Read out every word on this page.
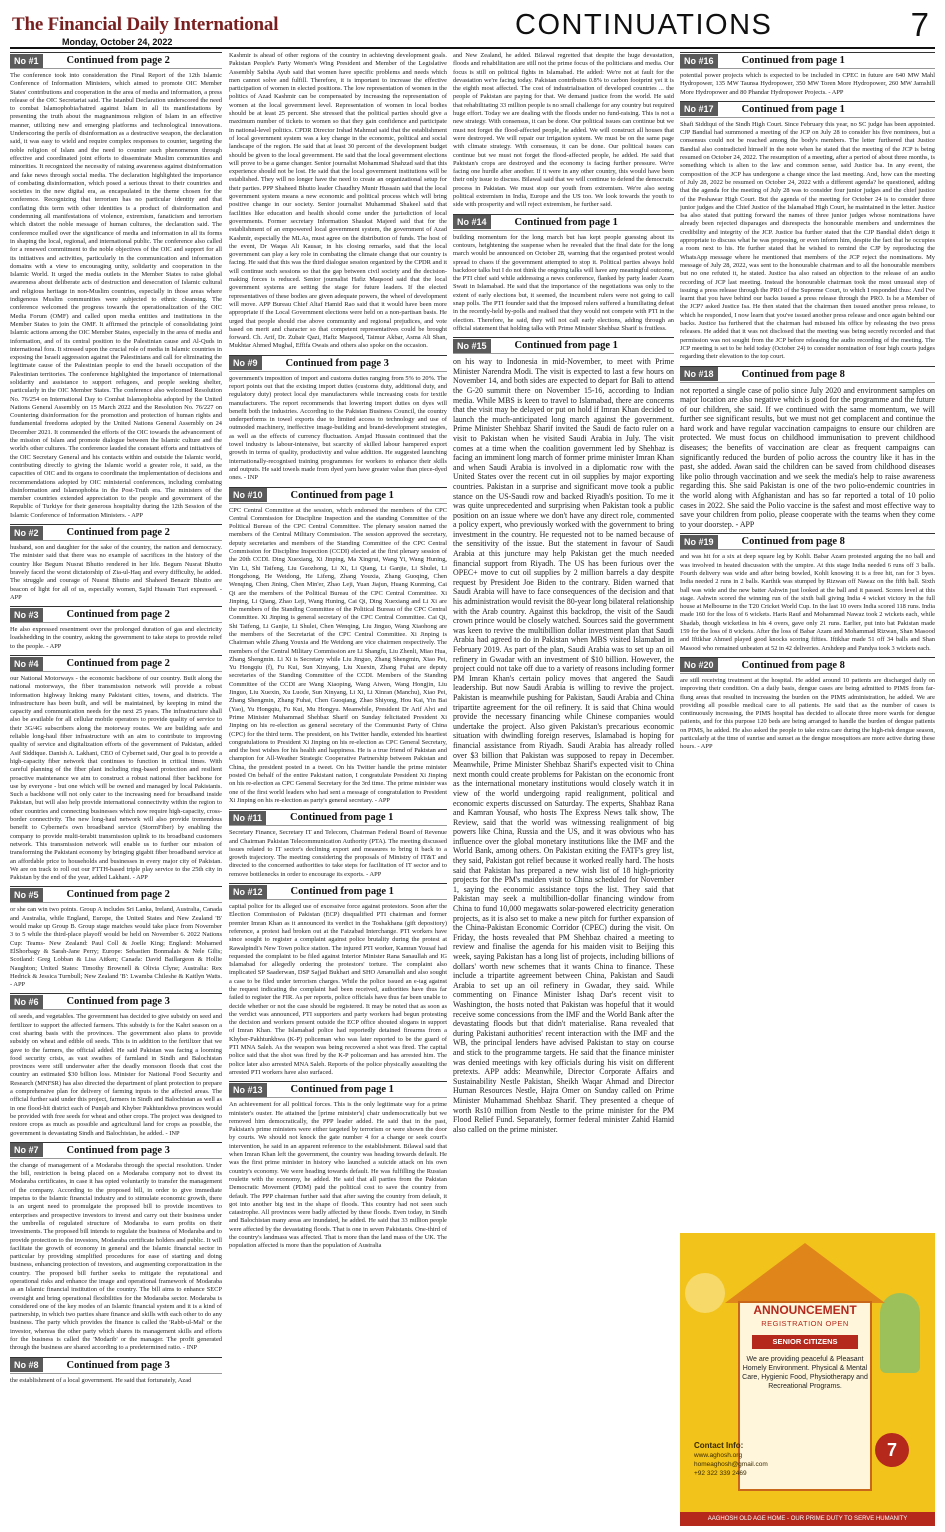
The Financial Daily International
Monday, October 24, 2022
CONTINUATIONS	7
No #1	Continued from page 2
The conference took into consideration the Final Report of the 12th Islamic Conference of Information Ministers, which aimed to promote OIC Member States' contributions and cooperation in the area of media and information, a press release of the OIC Secretariat said. The Istanbul Declaration underscored the need to combat Islamophobia/hatred against Islam in all its manifestations by presenting the truth about the magnanimous religion of Islam in an effective manner, utilizing new and emerging platforms and technological innovations. Underscoring the perils of disinformation as a destructive weapon, the declaration said, it was easy to wield and require complex responses to counter, targeting the noble religion of Islam and the need to counter such phenomenon through effective and coordinated joint efforts to disseminate Muslim communities and minorities. It recognized the necessity of raising awareness against disinformation and fake news through social media. The declaration highlighted the importance of combating disinformation, which posed a serious threat to their countries and societies in the new digital era, as encapsulated in the theme chosen for the conference. Recognizing that terrorism has no particular identity and that conflating this term with other identities is a product of disinformation and condemning all manifestations of violence, extremism, fanaticism and terrorism which distort the noble message of human cultures, the declaration said. The conference mulled over the significance of media and information in all its forms in shaping the local, regional, and international public. The conference also called for a renewed commitment to the noble objectives of the OIC and support for all its initiatives and activities, particularly in the communication and information domains with a view to encouraging unity, solidarity and cooperation in the Islamic World. It urged the media outlets in the Member States to raise global awareness about deliberate acts of destruction and desecration of Islamic cultural and religious heritage in non-Muslim countries, especially in those areas where indigenous Muslim communities were subjected to ethnic cleansing. The conference welcomed the progress towards the operationalization of the OIC Media Forum (OMF) and called upon media entities and institutions in the Member States to join the OMF. It affirmed the principle of consolidating joint Islamic actions among the OIC Member States, especially in the area of media and information, and of its central position to the Palestinian cause and Al-Quds in international fora. It stressed upon the crucial role of media in Islamic countries in exposing the Israeli aggression against the Palestinians and call for eliminating the legitimate cause of the Palestinian people to end the Israeli occupation of the Palestinian territories. The conference highlighted the importance of international solidarity and assistance to support refugees, and people seeking shelter, particularly in the OIC Member States. The conference also welcomed Resolution No. 76/254 on International Day to Combat Islamophobia adopted by the United Nations General Assembly on 15 March 2022 and the Resolution No. 76/227 on Countering disinformation for the promotion and protection of human rights and fundamental freedoms adopted by the United Nations General Assembly on 24 December 2021. It commended the efforts of the OIC towards the advancement of the mission of Islam and promote dialogue between the Islamic culture and the world's other cultures. The conference lauded the constant efforts and initiatives of the OIC Secretary General and his contacts within and outside the Islamic world, contributing directly to giving the Islamic world a greater role, it said, as the capacities of OIC and its organs to coordinate the implementation of decisions and recommendations adopted by OIC ministerial conferences, including combating disinformation and Islamophobia in the Post-Truth era. The ministers of the member countries extended appreciation to the people and government of the Republic of Turkiye for their generous hospitality during the 12th Session of the Islamic Conference of Information Ministers. - APP
No #2	Continued from page 2
husband, son and daughter for the sake of the country, the nation and democracy. The minister said that there was no example of sacrifices in the history of the country like Begum Nusrat Bhutto rendered in her life. Begum Nusrat Bhutto bravely faced the worst dictatorship of Zia-ul-Haq and every difficulty, he added. The struggle and courage of Nusrat Bhutto and Shaheed Benazir Bhutto are beacon of light for all of us, especially women, Sajid Hussain Turi expressed. - APP
No #3	Continued from page 2
He also expressed resentment over the prolonged duration of gas and electricity loadshedding in the country, asking the government to take steps to provide relief to the people. - APP
No #4	Continued from page 2
our National Motorways - the economic backbone of our country. Built along the national motorways, the fiber transmission network will provide a robust information highway linking many Pakistani cities, towns, and districts. The infrastructure has been built, and will be maintained, by keeping in mind the capacity and communication needs for the next 25 years. The infrastructure shall also be available for all cellular mobile operators to provide quality of service to their 3G/4G subscribers along the motorway routes. We are building safe and reliable long-haul fiber infrastructure with an aim to contribute to improving quality of service and digitalization efforts of the government of Pakistan, added Asif Siddique. Danish A. Lakhani, CEO of Cybernet said, Our goal is to provide a high-capacity fiber network that continues to function in critical times. With careful planning of the fiber plant including ring-based protection and resilient proactive maintenance we aim to construct a robust national fiber backbone for use by everyone - but one which will be owned and managed by local Pakistanis. Such a backbone will not only cater to the increasing need for broadband inside Pakistan, but will also help provide international connectivity within the region to other countries and connecting businesses which now require high-capacity, cross-border connectivity. The new long-haul network will also provide tremendous benefit to Cybernet's own broadband service (StormFiber) by enabling the company to provide multi-terabit transmission uplink to its broadband customers network. This transmission network will enable us to further our mission of transforming the Pakistani economy by bringing gigabit fiber broadband service at an affordable price to households and businesses in every major city of Pakistan. We are on track to roll out our FTTH-based triple play service to the 25th city in Pakistan by the end of the year, added Lakhani. - APP
No #5	Continued from page 2
or she can win two points. Group A includes Sri Lanka, Ireland, Australia, Canada and Australia, while England, Europe, the United States and New Zealand 'B' would make up Group B. Group stage matches would take place from November 3 to 5 while the third-place playoff would be held on November 6. 2022 Nations Cup: Teams- New Zealand: Paul Coll & Joelle King; England: Mohamed ElShorbagy & Sarah-Jane Perry; Europe: Sebastien Bonmalais & Nele Gilis; Scotland: Greg Lobban & Lisa Aitken; Canada: David Baillargeon & Hollie Naughton; United States: Timothy Brownell & Olivia Clyne; Australia: Rex Hedrick & Jessica Turnbull; New Zealand 'B': Lwamba Chileshe & Kaitlyn Watts. - APP
No #6	Continued from page 3
oil seeds, and vegetables. The government has decided to give subsidy on seed and fertilizer to support the affected farmers. This subsidy is for the Kahri season on a cost sharing basis with the provinces. The government also plans to provide subsidy on wheat and edible oil seeds. This is in addition to the fertilizer that we gave to the farmers, the official added. He said Pakistan was facing a looming food security crisis, as vast swathes of farmland in Sindh and Balochistan provinces were still underwater after the deadly monsoon floods that cost the country an estimated $30 billion loss. Minister for National Food Security and Research (MNFSR) has also directed the department of plant protection to prepare a comprehensive plan for delivery of farming inputs to the affected areas. The official further said under this project, farmers in Sindh and Balochistan as well as in one flood-hit district each of Punjab and Khyber Pakhtunkhwa provinces would be provided with free seeds for wheat and other crops. The project was designed to restore crops as much as possible and agricultural land for crops as possible, the government is devastating Sindh and Balochistan, he added. - INP
No #7	Continued from page 3
the change of management of a Modaraba through the special resolution. Under the bill, restriction is being placed on a Modaraba company not to divest its Modaraba certificates, in case it has opted voluntarily to transfer the management of the company. According to the proposed bill, in order to give immediate impetus to the Islamic financial industry and to stimulate economic growth, there is an urgent need to promulgate the proposed bill to provide incentives to enterprises and prospective investors to invest and carry out their business under the umbrella of regulated structure of Modaraba to earn profits on their investments. The proposed bill intends to regulate the business of Modaraba and to provide protection to the investors, Modaraba certificate holders and public. It will facilitate the growth of economy in general and the Islamic financial sector in particular by providing simplified procedures for ease of starting and doing business, enhancing protection of investors, and augmenting corporatization in the country. The proposed bill further seeks to mitigate the reputational and operational risks and enhance the image and operational framework of Modaraba as an Islamic financial institution of the country. The bill aims to enhance SECP oversight and bring operational flexibilities for the Modaraba sector. Modaraba is considered one of the key modes of an Islamic financial system and it is a kind of partnership, in which two parties share finance and skills with each other to do any business. The party which provides the finance is called the 'Rabb-ul-Mal' or the investor, whereas the other party which shares its management skills and efforts for the business is called the 'Modarib' or the manager. The profit generated through the business are shared according to a predetermined ratio. - INP
No #8	Continued from page 3
the establishment of a local government. He said that fortunately, Azad
Kashmir is ahead of other regions of the country in achieving development goals. Pakistan People's Party Women's Wing President and Member of the Legislative Assembly Sabiha Ayub said that women have specific problems and needs which men cannot solve and fulfill. Therefore, it is important to increase the effective participation of women in elected positions. The low representation of women in the politics of Azad Kashmir can be compensated by increasing the representation of women at the local government level. Representation of women in local bodies should be at least 25 percent. She stressed that the political parties should give a maximum number of tickets to women so that they gain confidence and participate in national-level politics. CPDR Director Irshad Mahmud said that the establishment of local government system was a key change in the economic, political and social landscape of the region. He said that at least 30 percent of the development budget should be given to the local government. He said that the local government elections will prove to be a game changer. Senior journalist Mohammad Shahzad said that this experience should not be lost. He said that the local government institutions will be established. They will no longer have the need to create an organizational setup for their parties. PPP Shaheed Bhutto leader Chaudhry Munir Hussain said that the local government system means a new economic and political process which will bring positive change in our society. Senior journalist Muhammad Shakeel said that facilities like education and health should come under the jurisdiction of local governments. Former secretary Information Shaukat Majeed said that for the establishment of an empowered local government system, the government of Azad Kashmir, especially the MLAs, must agree on the distribution of funds. The host of the event, Dr Waqas Ali Kausar, in his closing remarks, said that the local government can play a key role in combating the climate change that our country is facing. He said that this was the third dialogue session organized by the CPDR and it will continue such sessions so that the gap between civil society and the decision-making forces is reduced. Senior journalist Hafiz Maqsood said that the local government systems are setting the stage for future leaders. If the elected representatives of these bodies are given adequate powers, the wheel of development will move. APP Bureau Chief Altaf Hamid Rao said that it would have been more appropriate if the Local Government elections were held on a non-partisan basis. He urged that people should rise above community and regional prejudices, and vote based on merit and character so that competent representatives could be brought forward. Ch. Arif, Dr. Zubair Qazi, Hafiz Maqsood, Taimur Akbar, Asma Ali Shan, Mukhtar Ahmed Mughal, Effifa Owais and others also spoke on the occasion.
No #9	Continued from page 3
government's imposition of import and customs duties ranging from 5% to 20%. The report points out that the existing import duties (customs duty, additional duty, and regulatory duty) protect local dye manufacturers while increasing costs for textile manufacturers. The report recommends that lowering import duties on dyes will benefit both the industries. According to the Pakistan Business Council, the country underperforms in towel exports due to limited access to technology and use of outmoded machinery, ineffective image-building and brand-development strategies, as well as the effects of currency fluctuation. Amjad Hussain continued that the towel industry is labour-intensive, but scarcity of skilled labour hampered export growth in terms of quality, productivity and value addition. He suggested launching internationally-recognised training programmes for workers to enhance their skills and outputs. He said towels made from dyed yarn have greater value than piece-dyed ones. - INP
No #10	Continued from page 1
CPC Central Committee at the session, which endorsed the members of the CPC Central Commission for Discipline Inspection and the standing Committee of the Political Bureau of the CPC Central Committee. The plenary session named the members of the Central Military Commission. The session approved the secretary, deputy secretaries and members of the Standing Committee of the CPC Central Commission for Discipline Inspection (CCDI) elected at the first plenary session of the 20th CCDI. Ding Xuexiang, Xi Jinping, Ma Xingrui, Wang Yi, Wang Huning, Yin Li, Shi Taifeng, Liu Guozhong, Li Xi, Li Qiang, Li Ganjie, Li Shulei, Li Hongzhong, He Weidong, He Lifeng, Zhang Youxia, Zhang Guoqing, Chen Wenqing, Chen Jining, Chen Min'er, Zhao Leji, Yuan Jiajun, Huang Kunming, Cai Qi are the members of the Political Bureau of the CPC Central Committee. Xi Jinping, Li Qiang, Zhao Leji, Wang Huning, Cai Qi, Ding Xuexiang and Li Xi are the members of the Standing Committee of the Political Bureau of the CPC Central Committee. Xi Jinping is general secretary of the CPC Central Committee. Cai Qi, Shi Taifeng, Li Ganjie, Li Shulei, Chen Wenqing, Liu Jinguo, Wang Xiaohong are the members of the Secretariat of the CPC Central Committee. Xi Jinping is Chairman while Zhang Youxia and He Weidong are vice chairmen respectively. The members of the Central Military Commission are Li Shangfu, Liu Zhenli, Miao Hua, Zhang Shengmin. Li Xi is Secretary while Liu Jinguo, Zhang Shengmin, Xiao Pei, Yu Hongqiu (f), Fu Kui, Sun Xinyang, Liu Xuexin, Zhang Fuhai are deputy secretaries of the Standing Committee of the CCDI. Members of the Standing Committee of the CCDI are Wang Xiaoping, Wang Aiwen, Wang Hongjin, Liu Jinguo, Liu Xuexin, Xu Luode, Sun Xinyang, Li Xi, Li Xinran (Manchu), Xiao Pei, Zhang Shengmin, Zhang Fuhai, Chen Guoqiang, Zhao Shiyong, Hou Kai, Yin Bai (Yao), Yu Hongqiu, Fu Kui, Mu Hongyu. Meanwhile, President Dr Arif Alvi and Prime Minister Muhammad Shehbaz Sharif on Sunday felicitated President Xi Jinping on his re-election as general secretary of the Communist Party of China (CPC) for the third term. The president, on his Twitter handle, extended his heartiest congratulations to President Xi Jinping on his re-election as CPC General Secretary, and the best wishes for his health and happiness. He is a true friend of Pakistan and champion for All-Weather Strategic Cooperative Partnership between Pakistan and China, the president posted in a tweet. On his Twitter handle the prime minister posted On behalf of the entire Pakistani nation, I congratulate President Xi Jinping on his re-election as CPC General Secretary for the 3rd time. The prime minister was one of the first world leaders who had sent a message of congratulation to President Xi Jinping on his re-election as party's general secretary. - APP
No #11	Continued from page 1
Secretary Finance, Secretary IT and Telecom, Chairman Federal Board of Revenue and Chairman Pakistan Telecommunication Authority (PTA). The meeting discussed issues related to IT sector's declining export and measures to bring it back to a growth trajectory. The meeting considering the proposals of Ministry of IT&T and directed to the concerned authorities to take steps for facilitation of IT sector and to remove bottlenecks in order to encourage its exports. - APP
No #12	Continued from page 1
capital police for its alleged use of excessive force against protestors. Soon after the Election Commission of Pakistan (ECP) disqualified PTI chairman and former premier Imran Khan as it announced its verdict in the Toshakhana (gift depository) reference, a protest had broken out at the Faizabad Interchange. PTI workers have since sought to register a complaint against police brutality during the protest at Rawalpindi's New Town police station. The injured PTI worker, Kamran Yousaf had requested the complaint to be filed against Interior Minister Rana Sanaullah and IG Islamabad for allegedly ordering the protestors' torture. The complaint also implicated SP Saaderwan, DSP Sajjad Bukhari and SHO Amanullah and also sought a case to be filed under terrorism charges. While the police issued an e-tag against the request indicating the complaint had been received, authorities have thus far failed to register the FIR. As per reports, police officials have thus far been unable to decide whether or not the case should be registered. It may be noted that as soon as the verdict was announced, PTI supporters and party workers had begun protesting the decision and workers present outside the ECP office shouted slogans in support of Imran Khan. The Islamabad police had reportedly detained firearms from a Khyber-Pakhtunkhwa (K-P) policeman who was later reported to be the guard of PTI MNA Saleh. As the weapon was being recovered a shot was fired. The capital police said that the shot was fired by the K-P policeman and has arrested him. The police later also arrested MNA Saleh. Reports of the police physically assaulting the arrested PTI workers have also surfaced.
No #13	Continued from page 1
An achievement for all political forces. This is the only legitimate way for a prime minister's ouster. He attained the [prime minister's] chair undemocratically but we removed him democratically, the PPP leader added. He said that in the past, Pakistan's prime ministers were either targeted by terrorism or were shown the door by courts. We should not knock the gate number 4 for a change or seek court's intervention, he said in an apparent reference to the establishment. Bilawal said that when Imran Khan left the government, the country was heading towards default. He was the first prime minister in history who launched a suicide attack on his own country's economy. We were heading towards default. He was fulfilling the Russian roulette with the economy, he added. He said that all parties from the Pakistan Democratic Movement (PDM) paid the political cost to save the country from default. The PPP chairman further said that after saving the country from default, it got into another big test in the shape of floods. This country had not seen such catastrophe. All provinces were badly affected by these floods. Even today, in Sindh and Balochistan many areas are inundated, he added. He said that 33 million people were affected by the devastating floods. That is one in seven Pakistanis. One-third of the country's landmass was affected. That is more than the land mass of the UK. The population affected is more than the population of Australia
and New Zealand, he added. Bilawal regretted that despite the huge devastation, floods and rehabilitation are still not the prime focus of the politicians and media. Our focus is still on political fights in Islamabad. He added: We're not at fault for the devastation we're facing today. Pakistan contributes 0.8% to carbon footprint yet it is the eighth most affected. The cost of industrialisation of developed countries ... the people of Pakistan are paying for that. We demand justice from the world. He said that rehabilitating 33 million people is no small challenge for any country but required huge effort. Today we are dealing with the floods under no fund-raising. This is not a new strategy. With consensus, it can be done. Our political issues can continue but we must not forget the flood-affected people, he added. We will construct all houses that were destroyed. We will repair our irrigation system. We must be on the same page with climate strategy. With consensus, it can be done. Our political issues can continue but we must not forget the flood-affected people, he added. He said that Pakistan's crops are destroyed and the economy is facing further pressure. We're facing one hurdle after another. If it were in any other country, this would have been their only issue to discuss. Bilawal said that we will continue to defend the democratic process in Pakistan. We must stop our youth from extremism. We're also seeing political extremism in India, Europe and the US too. We look towards the youth to side with prosperity and will reject extremism, he further said.
No #14	Continued from page 1
building momentum for the long march but has kept people guessing about its contours, heightening the suspense when he revealed that the final date for the long march would be announced on October 28, warning that the organised protest would spread to chaos if the government attempted to stop it. Political parties always hold backdoor talks but I do not think the ongoing talks will have any meaningful outcome, the PTI chief said while addressing a news conference, flanked by party leader Azam Swati in Islamabad. He said that the importance of the negotiations was only to the extent of early elections but, it seemed, the incumbent rulers were not going to call snap polls. The PTI founder said that the imposed rulers suffered a humiliating defeat in the recently-held by-polls and realised that they would not compete with PTI in the election. Therefore, he said, they will not call early elections, adding through an official statement that holding talks with Prime Minister Shehbaz Sharif is fruitless.
No #15	Continued from page 1
on his way to Indonesia in mid-November, to meet with Prime Minister Narendra Modi. The visit is expected to last a few hours on November 14, and both sides are expected to depart for Bali to attend the G-20 summit there on November 15-16, according to Indian media. While MBS is keen to travel to Islamabad, there are concerns that the visit may be delayed or put on hold if Imran Khan decided to launch the much-anticipated long march against the government. Prime Minister Shehbaz Sharif invited the Saudi de facto ruler on a visit to Pakistan when he visited Saudi Arabia in July. The visit comes at a time when the coalition government led by Shehbaz is facing an imminent long march of former prime minister Imran Khan and when Saudi Arabia is involved in a diplomatic row with the United States over the recent cut in oil supplies by major exporting countries. Pakistan in a surprise and significant move took a public stance on the US-Saudi row and backed Riyadh's position. To me it was quite unprecedented and surprising when Pakistan took a public position on an issue where we don't have any direct role, commented a policy expert, who previously worked with the government to bring investment in the country. He requested not to be named because of the sensitivity of the issue. But the statement in favour of Saudi Arabia at this juncture may help Pakistan get the much needed financial support from Riyadh. The US has been furious over the OPEC+ move to cut oil supplies by 2 million barrels a day despite request by President Joe Biden to the contrary. Biden warned that Saudi Arabia will have to face consequences of the decision and that his administration would revisit the 80-year long bilateral relationship with the Arab country. Against this backdrop, the visit of the Saudi crown prince would be closely watched. Sources said the government was keen to revive the multibillion dollar investment plan that Saudi Arabia had agreed to do in Pakistan when MBS visited Islamabad in February 2019. As part of the plan, Saudi Arabia was to set up an oil refinery in Gwadar with an investment of $10 billion. However, the project could not take off due to a variety of reasons including former PM Imran Khan's certain policy moves that angered the Saudi leadership. But now Saudi Arabia is willing to revive the project. Pakistan is meanwhile pushing for Pakistan, Saudi Arabia and China tripartite agreement for the oil refinery. It is said that China would provide the necessary financing while Chinese companies would undertake the project. Also given Pakistan's precarious economic situation with dwindling foreign reserves, Islamabad is hoping for financial assistance from Riyadh. Saudi Arabia has already rolled over $3 billion that Pakistan was supposed to repay in December. Meanwhile, Prime Minister Shehbaz Sharif's expected visit to China next month could create problems for Pakistan on the economic front as the international monetary institutions would closely watch it in view of the world undergoing rapid realignment, political and economic experts discussed on Saturday. The experts, Shahbaz Rana and Kamran Yousaf, who hosts The Express News talk show, The Review, said that the world was witnessing realignment of big powers like China, Russia and the US, and it was obvious who has influence over the global monetary institutions like the IMF and the World Bank, among others. On Pakistan exiting the FATF's grey list, they said, Pakistan got relief because it worked really hard. The hosts said that Pakistan has prepared a new wish list of 18 high-priority projects for the PM's maiden visit to China scheduled for November 1, saying the economic assistance tops the list. They said that Pakistan may seek a multibillion-dollar financing window from China to fund 10,000 megawatts solar-powered electricity generation projects, as it is also set to make a new pitch for further expansion of the China-Pakistan Economic Corridor (CPEC) during the visit. On Friday, the hosts revealed that PM Shehbaz chaired a meeting to review and finalise the agenda for his maiden visit to Beijing this week, saying Pakistan has a long list of projects, including billions of dollars' worth new schemes that it wants China to finance. These include a tripartite agreement between China, Pakistan and Saudi Arabia to set up an oil refinery in Gwadar, they said. While commenting on Finance Minister Ishaq Dar's recent visit to Washington, the hosts noted that Pakistan was hopeful that it would receive some concessions from the IMF and the World Bank after the devastating floods but that didn't materialise. Rana revealed that during Pakistani authorities' recent interaction with the IMF and the WB, the principal lenders have advised Pakistan to stay on course and stick to the programme targets. He said that the finance minister was denied meetings with key officials during his visit on different pretexts. APP adds: Meanwhile, Director Corporate Affairs and Sustainability Nestle Pakistan, Sheikh Waqar Ahmad and Director Human Resources Nestle, Hajra Omer on Sunday called on Prime Minister Muhammad Shehbaz Sharif. They presented a cheque of worth Rs10 million from Nestle to the prime minister for the PM Flood Relief Fund. Separately, former federal minister Zahid Hamid also called on the prime minister.
No #16	Continued from page 1
potential power projects which is expected to be included in CPEC in future are 640 MW Mahl Hydropower, 135 MW Taunsa Hydropower, 350 MW Toren More Hydropower, 260 MW Jamshill More Hydropower and 80 Phandar Hydropower Projects. - APP
No #17	Continued from page 1
Shafi Siddiqui of the Sindh High Court. Since February this year, no SC judge has been appointed. CJP Bandial had summoned a meeting of the JCP on July 28 to consider his five nominees, but a consensus could not be reached among the body's members. The letter furthered that Justice Bandial also contradicted himself in the note when he stated that the meeting of the JCP is being resumed on October 24, 2022. The resumption of a meeting, after a period of about three months, is something which is alien to the law and common sense, said Justice Isa. In any event, the composition of the JCP has undergone a change since the last meeting. And, how can the meeting of July 28, 2022 be resumed on October 24, 2022 with a different agenda? he questioned, adding that the agenda for the meeting of July 28 was to consider four junior judges and the chief justice of the Peshawar High Court. But the agenda of the meeting for October 24 is to consider three junior judges and the Chief Justice of the Islamabad High Court, he maintained in the letter. Justice Isa also stated that putting forward the names of three junior judges whose nominations have already been rejected disparages and disrespects the honourable members and undermines the credibility and integrity of the JCP. Justice Isa further stated that the CJP Bandial didn't deign it appropriate to discuss what he was proposing, or even inform him, despite the fact that he occupies a room next to his. He further stated that he wished to remind the CJP by reproducing the WhatsApp message where he mentioned that members of the JCP reject the nominations. My message of July 28, 2022, was sent to the honourable chairman and to all the honourable members but no one refuted it, he stated. Justice Isa also raised an objection to the release of an audio recording of JCP last meeting. Instead the honourable chairman took the most unusual step of issuing a press release through the PRO of the Supreme Court, to which I responded thus: And I've learnt that you have behind our backs issued a press release through the PRO. Is he a Member of the JCP? asked Justice Isa. He then stated that the chairman then issued another press release, to which he responded, I now learn that you've issued another press release and once again behind our backs. Justice Isa furthered that the chairman had misused his office by releasing the two press releases. He added that it was not disclosed that the meeting was being secretly recorded and that permission was not sought from the JCP before releasing the audio recording of the meeting. The JCP meeting is set to be held today (October 24) to consider nomination of four high courts judges regarding their elevation to the top court.
No #18	Continued from page 8
not reported a single case of polio since July 2020 and environment samples on major location are also negative which is good for the programme and the future of our children, she said. If we continued with the same momentum, we will further see significant results, but we must not get complacent and continue the hard work and have regular vaccination campaigns to ensure our children are protected. We must focus on childhood immunisation to prevent childhood diseases; the benefits of vaccination are clear as frequent campaigns can significantly reduced the burden of polio across the country like it has in the past, she added. Awan said the children can be saved from childhood diseases like polio through vaccination and we seek the media's help to raise awareness regarding this. She said Pakistan is one of the two polio-endemic countries in the world along with Afghanistan and has so far reported a total of 10 polio cases in 2022. She said the Polio vaccine is the safest and most effective way to save your children from polio, please cooperate with the teams when they come to your doorstep. - APP
No #19	Continued from page 8
and was hit for a six at deep square leg by Kohli. Babar Azam protested arguing the no ball and was involved in heated discussion with the umpire. At this stage India needed 6 runs off 3 balls. Fourth delivery was wide and after being bowled, Kohli knowing it is a free hit, ran for 3 byes. India needed 2 runs in 2 balls. Karthik was stumped by Rizwan off Nawaz on the fifth ball. Sixth ball was wide and the new batter Ashwin just looked at the ball and it passed. Scores level at this stage. Ashwin scored the winning run of the sixth ball giving India 4 wicket victory in the full house at Melbourne in the T20 Cricket World Cup. In the last 10 overs India scored 118 runs. India made 160 for the loss of 6 wickets. Haris Rauf and Mohammad Nawaz took 2 wickets each, while Shadab, though wicketless in his 4 overs, gave only 21 runs. Earlier, put into bat Pakistan made 159 for the loss of 8 wickets. After the loss of Babar Azam and Mohammad Rizwan, Shan Masood and Iftikhar Ahmed played good knocks scoring fifties. Iftikhar made 51 off 34 balls and Shan Masood who remained unbeaten at 52 in 42 deliveries. Arshdeep and Pandya took 3 wickets each.
No #20	Continued from page 8
are still receiving treatment at the hospital. He added around 10 patients are discharged daily on improving their condition. On a daily basis, dengue cases are being admitted to PIMS from far-flung areas that resulted in increasing the burden on the PIMS administration, he added. We are providing all possible medical care to all patients. He said that as the number of cases is continuously increasing, the PIMS hospital has decided to allocate three more wards for dengue patients, and for this purpose 120 beds are being arranged to handle the burden of dengue patients on PIMS, he added. He also asked the people to take extra care during the high-risk dengue season, particularly at the time of sunrise and sunset as the dengue mosquitoes are more active during these hours. - APP
ANNOUNCEMENT
REGISTRATION OPEN
SENIOR CITIZENS
We are providing peaceful & Pleasant Homely Environment. Physical & Mental Care, Hygienic Food, Physiotherapy and Recreational Programs.
Contact Info:
www.aghosh.org
homeaghosh@gmail.com
+92 322 339 2469
7
AAGHOSH OLD AGE HOME - OUR PRIME DUTY TO SERVE HUMANITY
